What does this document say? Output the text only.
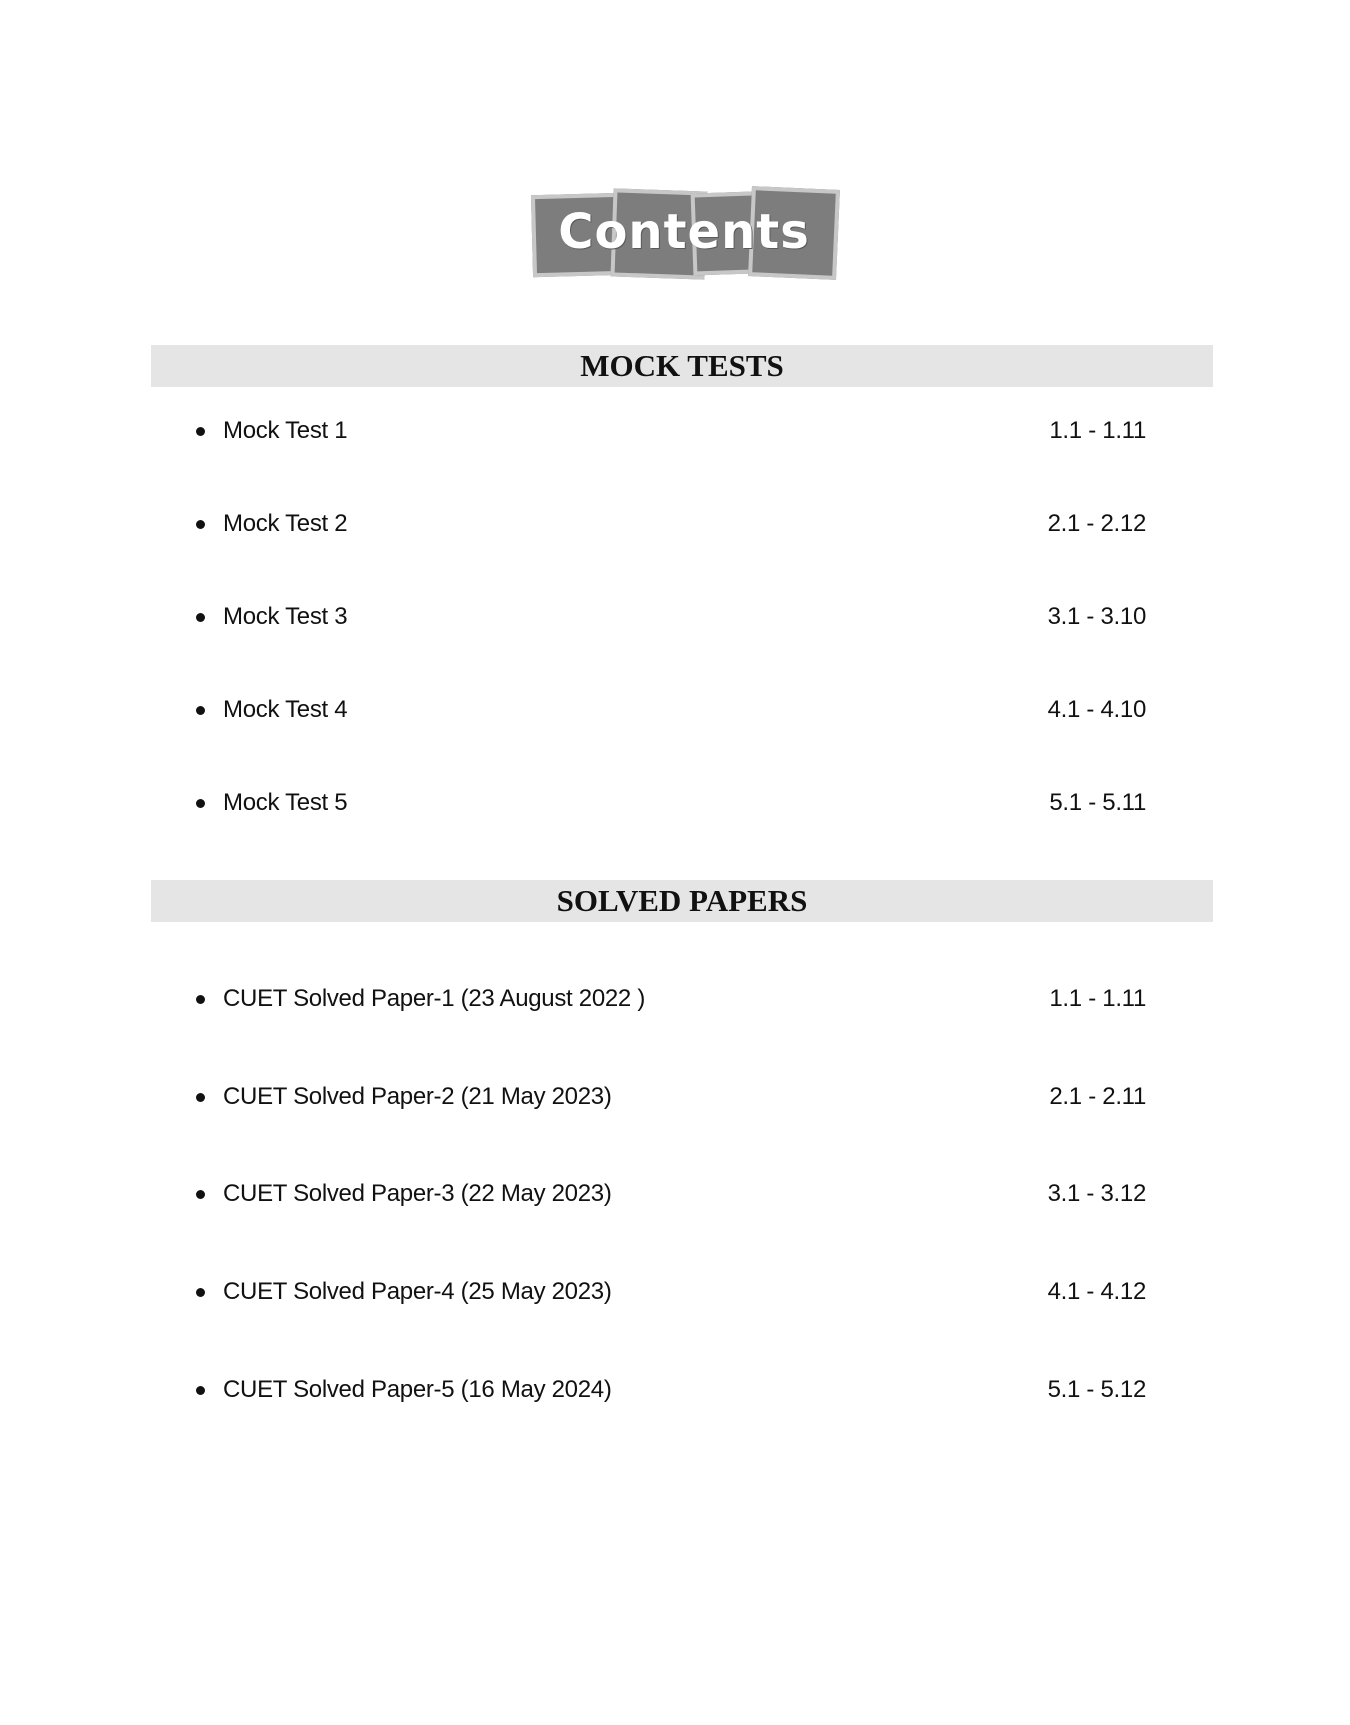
Contents
MOCK TESTS
Mock Test 1	1.1 - 1.11
Mock Test 2	2.1 - 2.12
Mock Test 3	3.1 - 3.10
Mock Test 4	4.1 - 4.10
Mock Test 5	5.1 - 5.11
SOLVED PAPERS
CUET Solved Paper-1 (23 August 2022 )	1.1 - 1.11
CUET Solved Paper-2 (21 May 2023)	2.1 - 2.11
CUET Solved Paper-3 (22 May 2023)	3.1 - 3.12
CUET Solved Paper-4 (25 May 2023)	4.1 - 4.12
CUET Solved Paper-5 (16 May 2024)	5.1 - 5.12
